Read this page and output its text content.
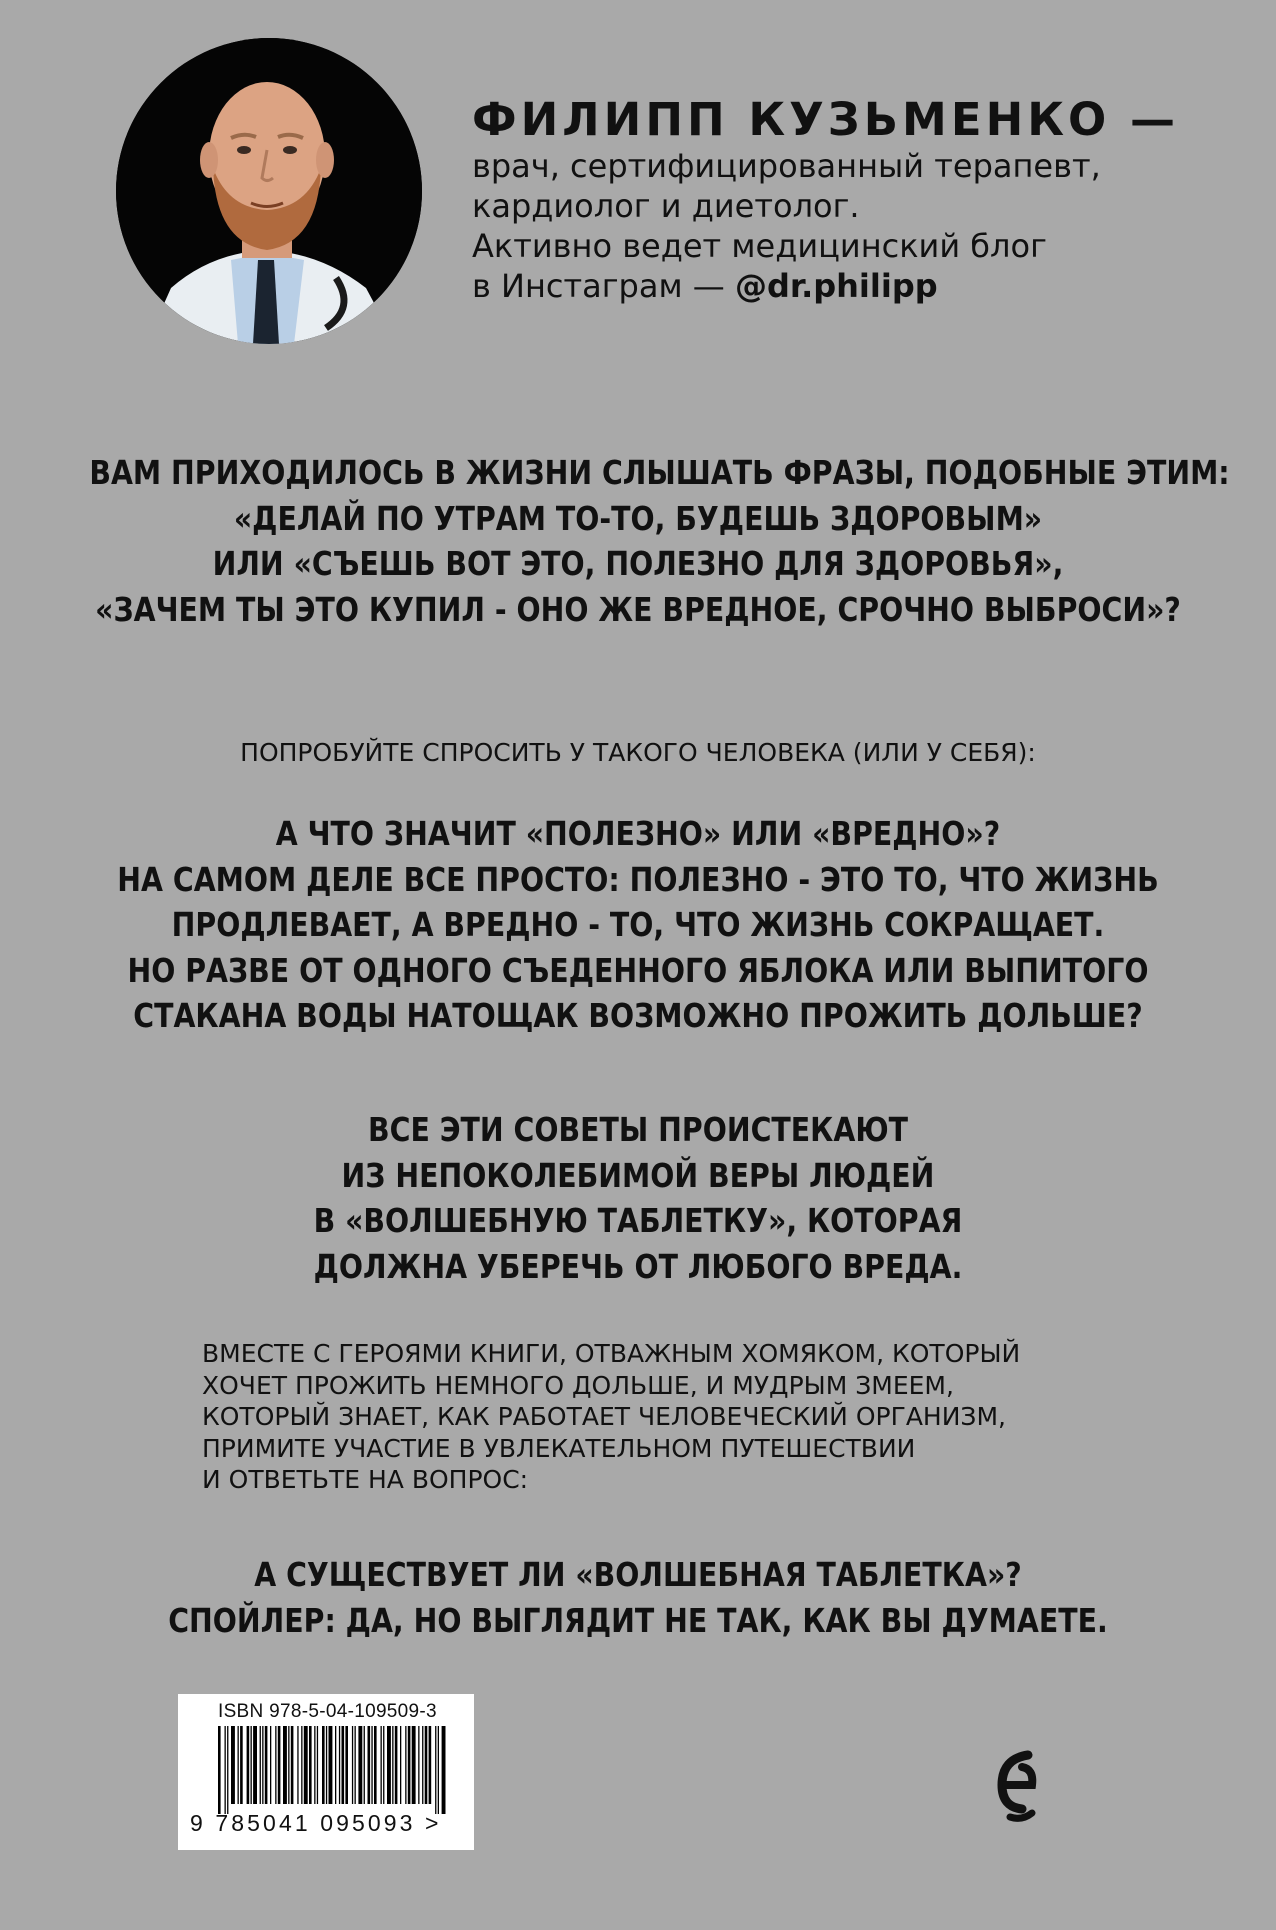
ФИЛИПП КУЗЬМЕНКО —
врач, сертифицированный терапевт,
кардиолог и диетолог.
Активно ведет медицинский блог
в Инстаграм — @dr.philipp
ВАМ ПРИХОДИЛОСЬ В ЖИЗНИ СЛЫШАТЬ ФРАЗЫ, ПОДОБНЫЕ ЭТИМ:
«ДЕЛАЙ ПО УТРАМ ТО-ТО, БУДЕШЬ ЗДОРОВЫМ»
ИЛИ «СЪЕШЬ ВОТ ЭТО, ПОЛЕЗНО ДЛЯ ЗДОРОВЬЯ»,
«ЗАЧЕМ ТЫ ЭТО КУПИЛ - ОНО ЖЕ ВРЕДНОЕ, СРОЧНО ВЫБРОСИ»?
ПОПРОБУЙТЕ СПРОСИТЬ У ТАКОГО ЧЕЛОВЕКА (ИЛИ У СЕБЯ):
А ЧТО ЗНАЧИТ «ПОЛЕЗНО» ИЛИ «ВРЕДНО»?
НА САМОМ ДЕЛЕ ВСЕ ПРОСТО: ПОЛЕЗНО - ЭТО ТО, ЧТО ЖИЗНЬ
ПРОДЛЕВАЕТ, А ВРЕДНО - ТО, ЧТО ЖИЗНЬ СОКРАЩАЕТ.
НО РАЗВЕ ОТ ОДНОГО СЪЕДЕННОГО ЯБЛОКА ИЛИ ВЫПИТОГО
СТАКАНА ВОДЫ НАТОЩАК ВОЗМОЖНО ПРОЖИТЬ ДОЛЬШЕ?
ВСЕ ЭТИ СОВЕТЫ ПРОИСТЕКАЮТ
ИЗ НЕПОКОЛЕБИМОЙ ВЕРЫ ЛЮДЕЙ
В «ВОЛШЕБНУЮ ТАБЛЕТКУ», КОТОРАЯ
ДОЛЖНА УБЕРЕЧЬ ОТ ЛЮБОГО ВРЕДА.
ВМЕСТЕ С ГЕРОЯМИ КНИГИ, ОТВАЖНЫМ ХОМЯКОМ, КОТОРЫЙ
ХОЧЕТ ПРОЖИТЬ НЕМНОГО ДОЛЬШЕ, И МУДРЫМ ЗМЕЕМ,
КОТОРЫЙ ЗНАЕТ, КАК РАБОТАЕТ ЧЕЛОВЕЧЕСКИЙ ОРГАНИЗМ,
ПРИМИТЕ УЧАСТИЕ В УВЛЕКАТЕЛЬНОМ ПУТЕШЕСТВИИ
И ОТВЕТЬТЕ НА ВОПРОС:
А СУЩЕСТВУЕТ ЛИ «ВОЛШЕБНАЯ ТАБЛЕТКА»?
СПОЙЛЕР: ДА, НО ВЫГЛЯДИТ НЕ ТАК, КАК ВЫ ДУМАЕТЕ.
ISBN 978-5-04-109509-3
9 785041 095093 >
